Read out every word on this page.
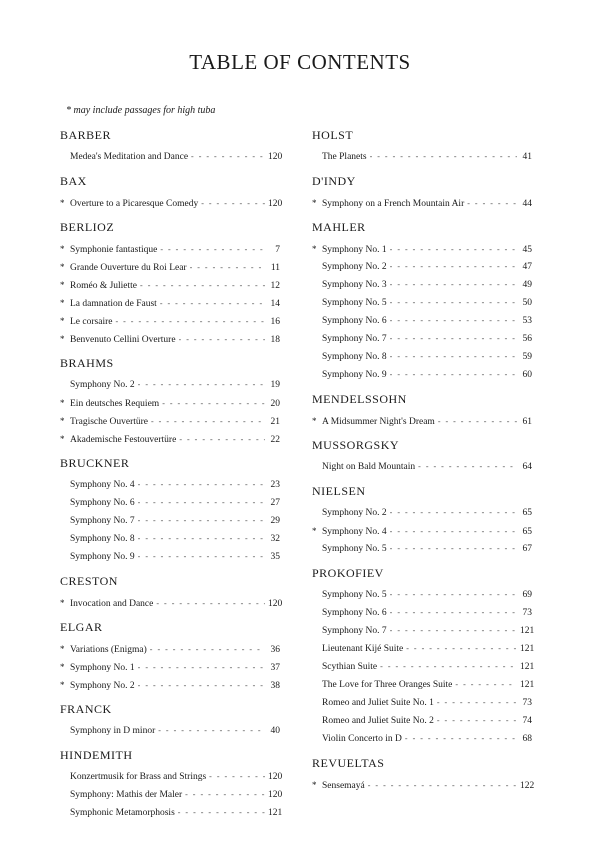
TABLE OF CONTENTS
* may include passages for high tuba
BARBER
Medea's Meditation and Dance - - -	120
BAX
* Overture to a Picaresque Comedy - - -	120
BERLIOZ
* Symphonie fantastique - - -	7
* Grande Ouverture du Roi Lear - - -	11
* Roméo & Juliette - - -	12
* La damnation de Faust - - -	14
* Le corsaire - - -	16
* Benvenuto Cellini Overture - - -	18
BRAHMS
Symphony No. 2 - - -	19
* Ein deutsches Requiem - - -	20
* Tragische Ouvertüre - - -	21
* Akademische Festouvertüre - - -	22
BRUCKNER
Symphony No. 4 - - -	23
Symphony No. 6 - - -	27
Symphony No. 7 - - -	29
Symphony No. 8 - - -	32
Symphony No. 9 - - -	35
CRESTON
* Invocation and Dance - - -	120
ELGAR
* Variations (Enigma) - - -	36
* Symphony No. 1 - - -	37
* Symphony No. 2 - - -	38
FRANCK
Symphony in D minor - - -	40
HINDEMITH
Konzertmusik for Brass and Strings - - -	120
Symphony: Mathis der Maler - - -	120
Symphonic Metamorphosis - - -	121
HOLST
The Planets - - -	41
D'INDY
* Symphony on a French Mountain Air - - -	44
MAHLER
* Symphony No. 1 - - -	45
Symphony No. 2 - - -	47
Symphony No. 3 - - -	49
Symphony No. 5 - - -	50
Symphony No. 6 - - -	53
Symphony No. 7 - - -	56
Symphony No. 8 - - -	59
Symphony No. 9 - - -	60
MENDELSSOHN
* A Midsummer Night's Dream - - -	61
MUSSORGSKY
Night on Bald Mountain - - -	64
NIELSEN
Symphony No. 2 - - -	65
* Symphony No. 4 - - -	65
Symphony No. 5 - - -	67
PROKOFIEV
Symphony No. 5 - - -	69
Symphony No. 6 - - -	73
Symphony No. 7 - - -	121
Lieutenant Kijé Suite - - -	121
Scythian Suite - - -	121
The Love for Three Oranges Suite - - -	121
Romeo and Juliet Suite No. 1 - - -	73
Romeo and Juliet Suite No. 2 - - -	74
Violin Concerto in D - - -	68
REVUELTAS
* Sensemayá - - -	122
